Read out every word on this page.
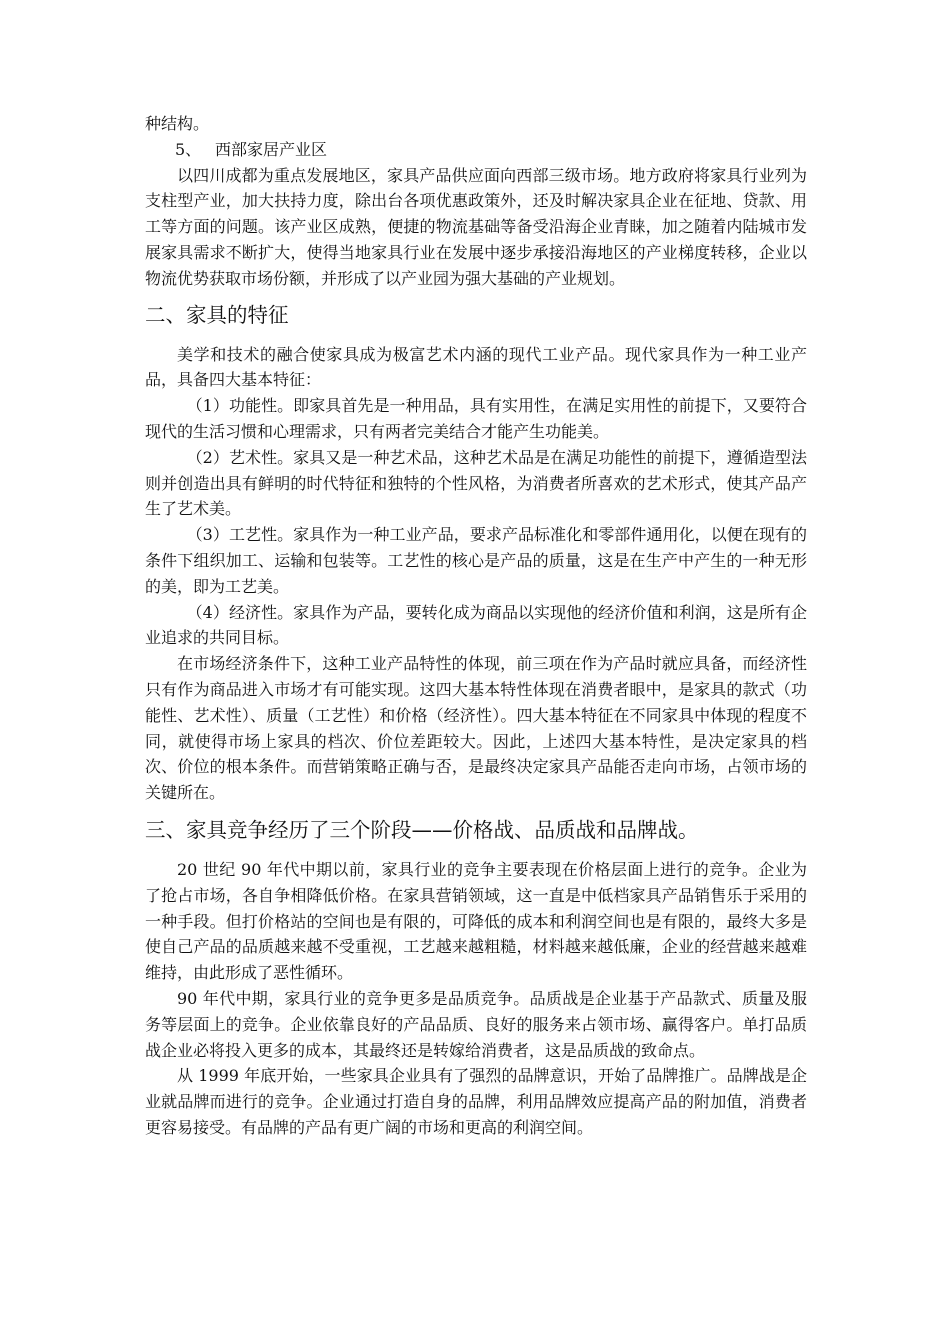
种结构。

5、 西部家居产业区

以四川成都为重点发展地区，家具产品供应面向西部三级市场。地方政府将家具行业列为支柱型产业，加大扶持力度，除出台各项优惠政策外，还及时解决家具企业在征地、贷款、用工等方面的问题。该产业区成熟，便捷的物流基础等备受沿海企业青睐，加之随着内陆城市发展家具需求不断扩大，使得当地家具行业在发展中逐步承接沿海地区的产业梯度转移，企业以物流优势获取市场份额，并形成了以产业园为强大基础的产业规划。

二、家具的特征

美学和技术的融合使家具成为极富艺术内涵的现代工业产品。现代家具作为一种工业产品，具备四大基本特征：

（1）功能性。即家具首先是一种用品，具有实用性，在满足实用性的前提下，又要符合现代的生活习惯和心理需求，只有两者完美结合才能产生功能美。

（2）艺术性。家具又是一种艺术品，这种艺术品是在满足功能性的前提下，遵循造型法则并创造出具有鲜明的时代特征和独特的个性风格，为消费者所喜欢的艺术形式，使其产品产生了艺术美。

（3）工艺性。家具作为一种工业产品，要求产品标准化和零部件通用化，以便在现有的条件下组织加工、运输和包装等。工艺性的核心是产品的质量，这是在生产中产生的一种无形的美，即为工艺美。

（4）经济性。家具作为产品，要转化成为商品以实现他的经济价值和利润，这是所有企业追求的共同目标。

在市场经济条件下，这种工业产品特性的体现，前三项在作为产品时就应具备，而经济性只有作为商品进入市场才有可能实现。这四大基本特性体现在消费者眼中，是家具的款式（功能性、艺术性）、质量（工艺性）和价格（经济性）。四大基本特征在不同家具中体现的程度不同，就使得市场上家具的档次、价位差距较大。因此，上述四大基本特性，是决定家具的档次、价位的根本条件。而营销策略正确与否，是最终决定家具产品能否走向市场，占领市场的关键所在。

三、家具竞争经历了三个阶段——价格战、品质战和品牌战。

20 世纪 90 年代中期以前，家具行业的竞争主要表现在价格层面上进行的竞争。企业为了抢占市场，各自争相降低价格。在家具营销领域，这一直是中低档家具产品销售乐于采用的一种手段。但打价格站的空间也是有限的，可降低的成本和利润空间也是有限的，最终大多是使自己产品的品质越来越不受重视，工艺越来越粗糙，材料越来越低廉，企业的经营越来越难维持，由此形成了恶性循环。

90 年代中期，家具行业的竞争更多是品质竞争。品质战是企业基于产品款式、质量及服务等层面上的竞争。企业依靠良好的产品品质、良好的服务来占领市场、赢得客户。单打品质战企业必将投入更多的成本，其最终还是转嫁给消费者，这是品质战的致命点。

从 1999 年底开始，一些家具企业具有了强烈的品牌意识，开始了品牌推广。品牌战是企业就品牌而进行的竞争。企业通过打造自身的品牌，利用品牌效应提高产品的附加值，消费者更容易接受。有品牌的产品有更广阔的市场和更高的利润空间。
